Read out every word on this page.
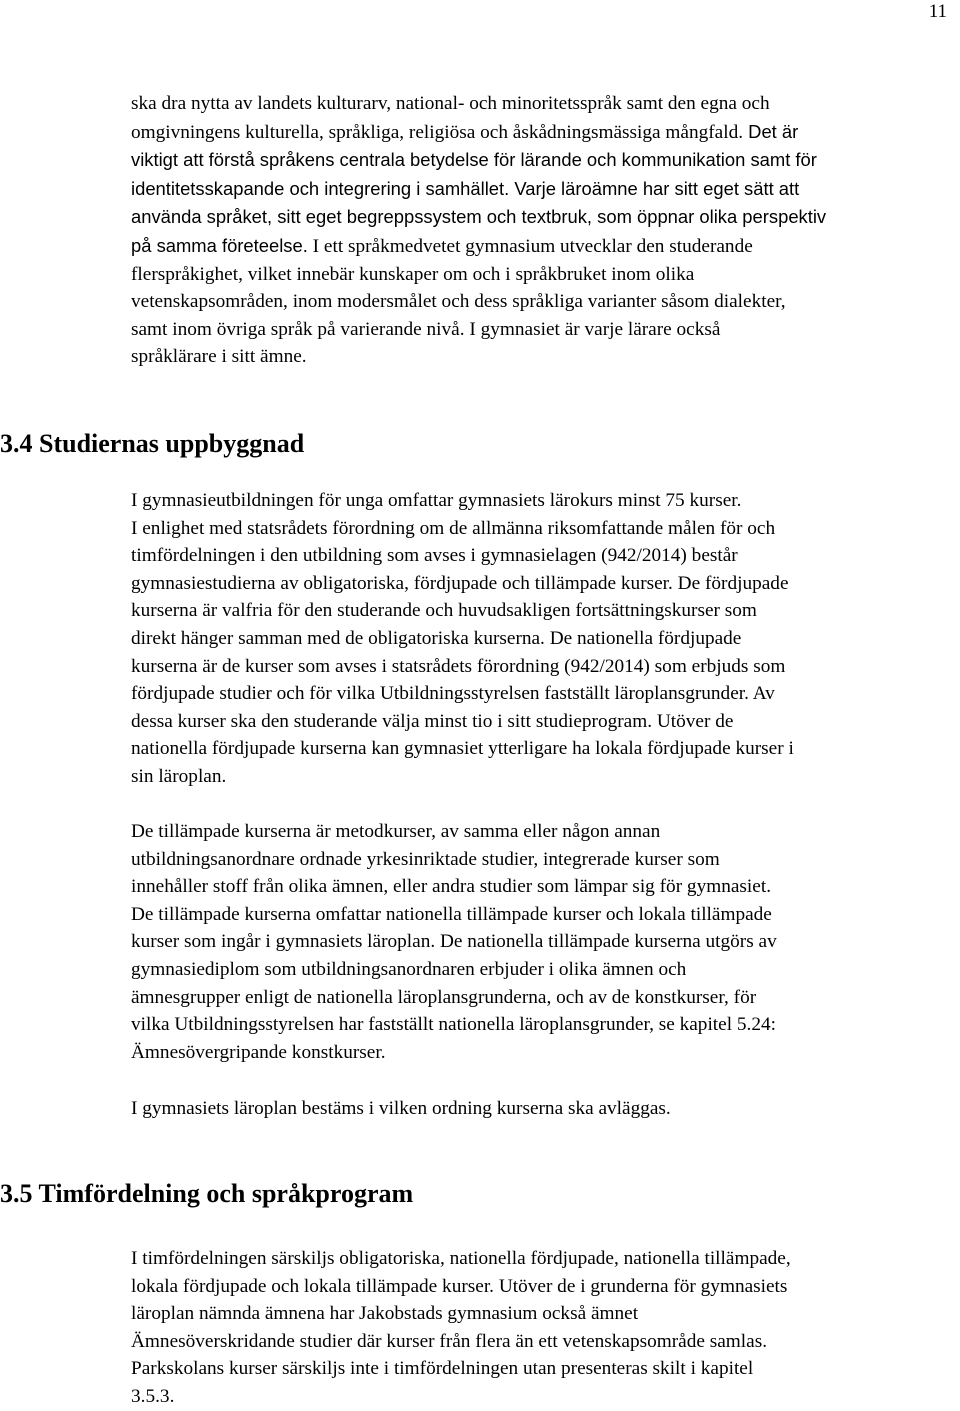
11

ska dra nytta av landets kulturarv, national- och minoritetsspråk samt den egna och
omgivningens kulturella, språkliga, religiösa och åskådningsmässiga mångfald. Det är
viktigt att förstå språkens centrala betydelse för lärande och kommunikation samt för
identitetsskapande och integrering i samhället. Varje läroämne har sitt eget sätt att
använda språket, sitt eget begreppssystem och textbruk, som öppnar olika perspektiv
på samma företeelse. I ett språkmedvetet gymnasium utvecklar den studerande
flerspråkighet, vilket innebär kunskaper om och i språkbruket inom olika
vetenskapsområden, inom modersmålet och dess språkliga varianter såsom dialekter,
samt inom övriga språk på varierande nivå. I gymnasiet är varje lärare också
språklärare i sitt ämne.

3.4 Studiernas uppbyggnad

I gymnasieutbildningen för unga omfattar gymnasiets lärokurs minst 75 kurser.
I enlighet med statsrådets förordning om de allmänna riksomfattande målen för och
timfördelningen i den utbildning som avses i gymnasielagen (942/2014) består
gymnasiestudierna av obligatoriska, fördjupade och tillämpade kurser. De fördjupade
kurserna är valfria för den studerande och huvudsakligen fortsättningskurser som
direkt hänger samman med de obligatoriska kurserna. De nationella fördjupade
kurserna är de kurser som avses i statsrådets förordning (942/2014) som erbjuds som
fördjupade studier och för vilka Utbildningsstyrelsen fastställt läroplansgrunder. Av
dessa kurser ska den studerande välja minst tio i sitt studieprogram. Utöver de
nationella fördjupade kurserna kan gymnasiet ytterligare ha lokala fördjupade kurser i
sin läroplan.

De tillämpade kurserna är metodkurser, av samma eller någon annan
utbildningsanordnare ordnade yrkesinriktade studier, integrerade kurser som
innehåller stoff från olika ämnen, eller andra studier som lämpar sig för gymnasiet.
De tillämpade kurserna omfattar nationella tillämpade kurser och lokala tillämpade
kurser som ingår i gymnasiets läroplan. De nationella tillämpade kurserna utgörs av
gymnasiediplom som utbildningsanordnaren erbjuder i olika ämnen och
ämnesgrupper enligt de nationella läroplansgrunderna, och av de konstkurser, för
vilka Utbildningsstyrelsen har fastställt nationella läroplansgrunder, se kapitel 5.24:
Ämnesövergripande konstkurser.

I gymnasiets läroplan bestäms i vilken ordning kurserna ska avläggas.

3.5 Timfördelning och språkprogram

I timfördelningen särskiljs obligatoriska, nationella fördjupade, nationella tillämpade,
lokala fördjupade och lokala tillämpade kurser. Utöver de i grunderna för gymnasiets
läroplan nämnda ämnena har Jakobstads gymnasium också ämnet
Ämnesöverskridande studier där kurser från flera än ett vetenskapsområde samlas.
Parkskolans kurser särskiljs inte i timfördelningen utan presenteras skilt i kapitel
3.5.3.
